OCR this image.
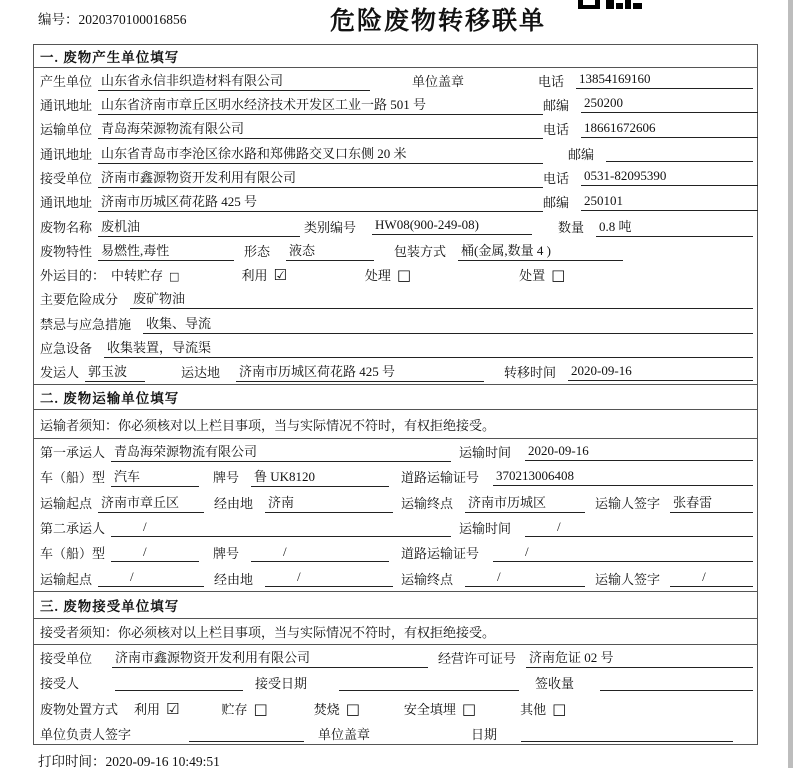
编号：2020370100016856	危险废物转移联单
一. 废物产生单位填写
产生单位 山东省永信非织造材料有限公司	单位盖章	电话 13854169160
通讯地址 山东省济南市章丘区明水经济技术开发区工业一路 501 号	邮编 250200
运输单位 青岛海荣源物流有限公司	电话 18661672606
通讯地址 山东省青岛市李沧区徐水路和郑佛路交叉口东侧 20 米	邮编
接受单位 济南市鑫源物资开发利用有限公司	电话 0531-82095390
通讯地址 济南市历城区荷花路 425 号	邮编 250101
废物名称 废机油	类别编号 HW08(900-249-08)	数量 0.8 吨
废物特性 易燃性,毒性	形态 液态	包装方式 桶(金属,数量 4 )
外运目的： 中转贮存 □	利用 ☑	处理 □	处置 □
主要危险成分 废矿物油
禁忌与应急措施 收集、导流
应急设备 收集装置，导流渠
发运人 郭玉波	运达地 济南市历城区荷花路 425 号	转移时间 2020-09-16
二. 废物运输单位填写
运输者须知：你必须核对以上栏目事项，当与实际情况不符时，有权拒绝接受。
第一承运人 青岛海荣源物流有限公司	运输时间 2020-09-16
车（船）型 汽车	牌号 鲁 UK8120	道路运输证号 370213006408
运输起点 济南市章丘区	经由地 济南	运输终点 济南市历城区	运输人签字 张春雷
第二承运人	/	运输时间	/
车（船）型	/	牌号	/	道路运输证号	/
运输起点	/	经由地	/	运输终点	/	运输人签字	/
三. 废物接受单位填写
接受者须知：你必须核对以上栏目事项，当与实际情况不符时，有权拒绝接受。
接受单位 济南市鑫源物资开发利用有限公司	经营许可证号 济南危证 02 号
接受人	接受日期	签收量
废物处置方式 利用 ☑	贮存 □	焚烧 □	安全填埋 □	其他 □
单位负责人签字	单位盖章	日期
打印时间：2020-09-16 10:49:51
